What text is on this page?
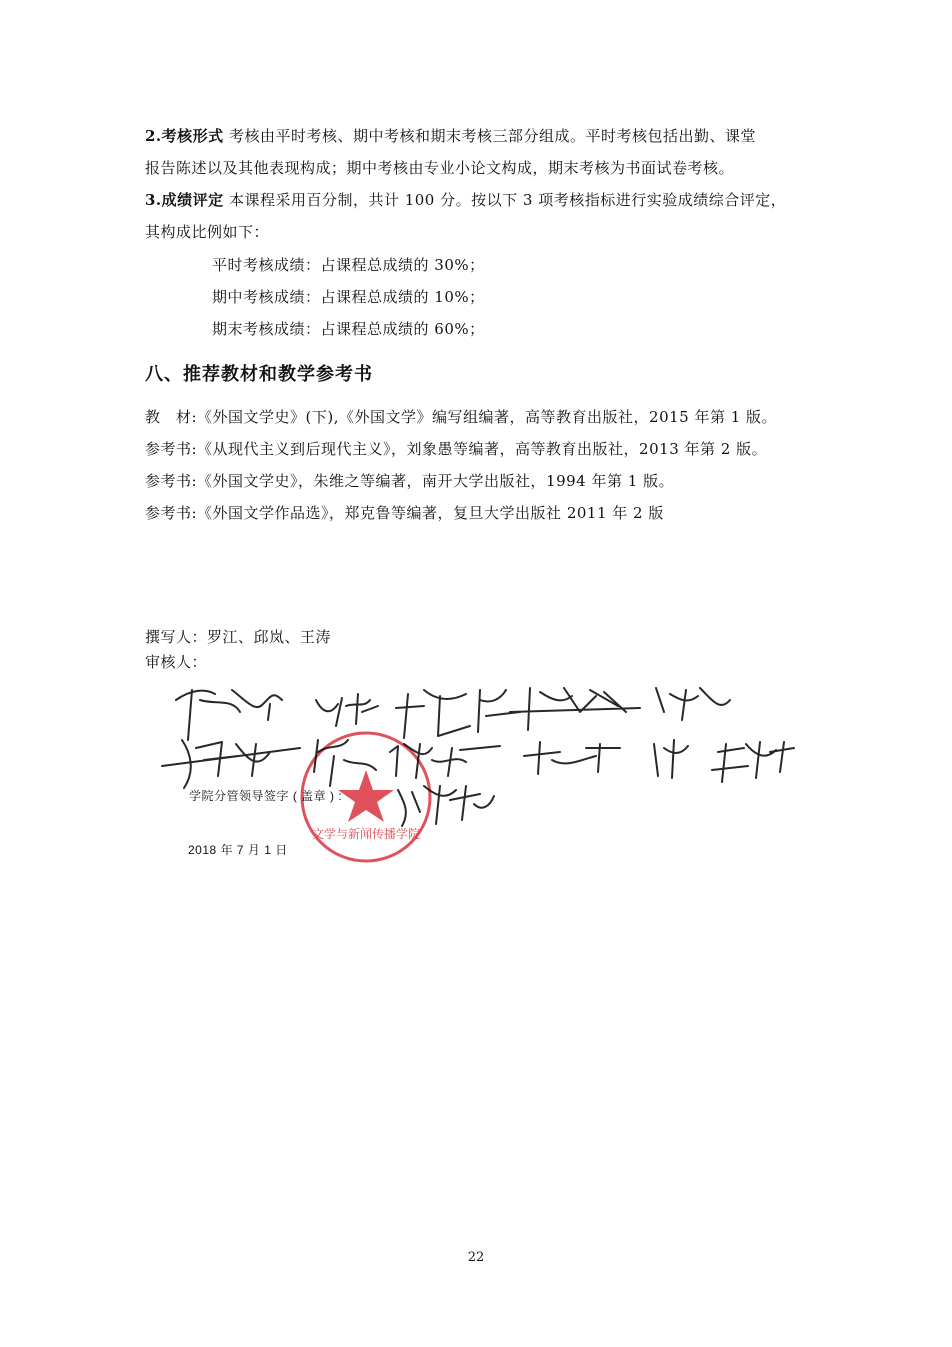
2.考核形式 考核由平时考核、期中考核和期末考核三部分组成。平时考核包括出勤、课堂
报告陈述以及其他表现构成；期中考核由专业小论文构成，期末考核为书面试卷考核。
3.成绩评定 本课程采用百分制，共计 100 分。按以下 3 项考核指标进行实验成绩综合评定，
其构成比例如下：
平时考核成绩：占课程总成绩的 30%；
期中考核成绩：占课程总成绩的 10%；
期末考核成绩：占课程总成绩的 60%；
八、推荐教材和教学参考书
教　材:《外国文学史》(下),《外国文学》编写组编著，高等教育出版社，2015 年第 1 版。
参考书:《从现代主义到后现代主义》，刘象愚等编著，高等教育出版社，2013 年第 2 版。
参考书:《外国文学史》，朱维之等编著，南开大学出版社，1994 年第 1 版。
参考书:《外国文学作品选》，郑克鲁等编著，复旦大学出版社 2011 年 2 版
撰写人：罗江、邱岚、王涛
审核人：
文学与新闻传播学院
学院分管领导签字 ( 盖章 ) :
2018 年 7 月 1 日
22
